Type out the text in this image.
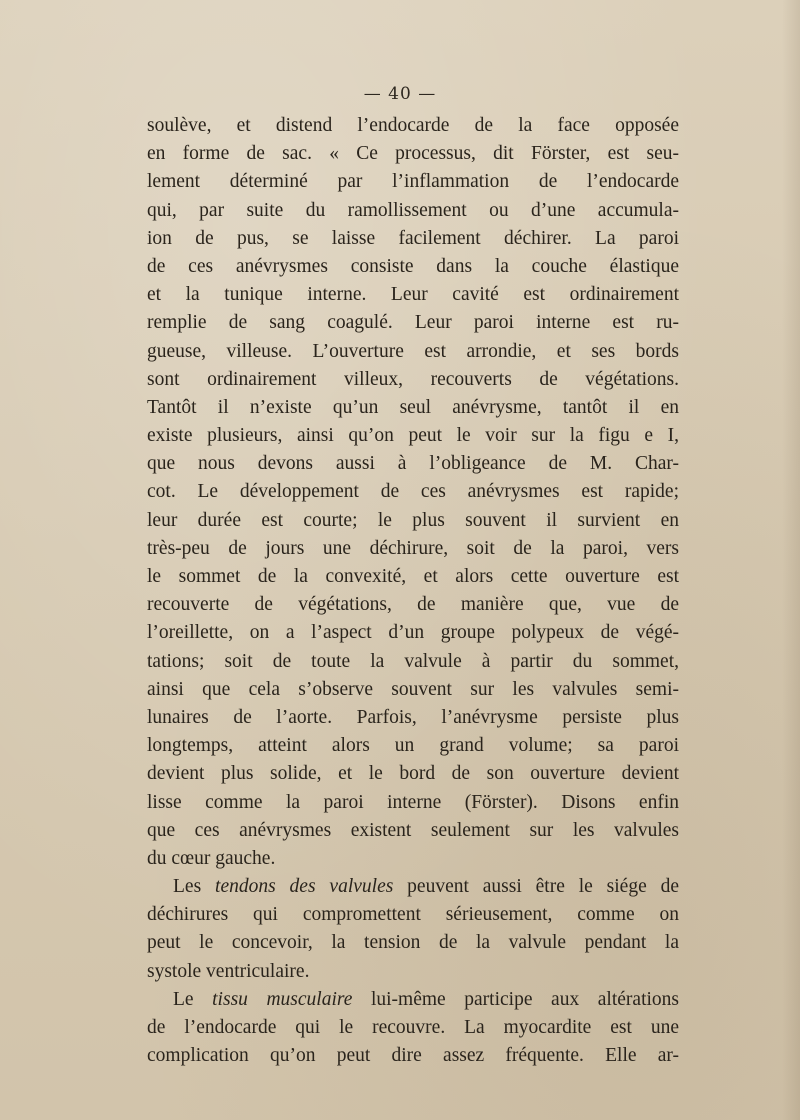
— 40 —
soulève, et distend l’endocarde de la face opposée
en forme de sac. « Ce processus, dit Förster, est seu-
lement déterminé par l’inflammation de l’endocarde
qui, par suite du ramollissement ou d’une accumula-
ion de pus, se laisse facilement déchirer. La paroi
de ces anévrysmes consiste dans la couche élastique
et la tunique interne. Leur cavité est ordinairement
remplie de sang coagulé. Leur paroi interne est ru-
gueuse, villeuse. L’ouverture est arrondie, et ses bords
sont ordinairement villeux, recouverts de végétations.
Tantôt il n’existe qu’un seul anévrysme, tantôt il en
existe plusieurs, ainsi qu’on peut le voir sur la figu e I,
que nous devons aussi à l’obligeance de M. Char-
cot. Le développement de ces anévrysmes est rapide;
leur durée est courte; le plus souvent il survient en
très-peu de jours une déchirure, soit de la paroi, vers
le sommet de la convexité, et alors cette ouverture est
recouverte de végétations, de manière que, vue de
l’oreillette, on a l’aspect d’un groupe polypeux de végé-
tations; soit de toute la valvule à partir du sommet,
ainsi que cela s’observe souvent sur les valvules semi-
lunaires de l’aorte. Parfois, l’anévrysme persiste plus
longtemps, atteint alors un grand volume; sa paroi
devient plus solide, et le bord de son ouverture devient
lisse comme la paroi interne (Förster). Disons enfin
que ces anévrysmes existent seulement sur les valvules
du cœur gauche.
Les tendons des valvules peuvent aussi être le siége de
déchirures qui compromettent sérieusement, comme on
peut le concevoir, la tension de la valvule pendant la
systole ventriculaire.
Le tissu musculaire lui-même participe aux altérations
de l’endocarde qui le recouvre. La myocardite est une
complication qu’on peut dire assez fréquente. Elle ar-
